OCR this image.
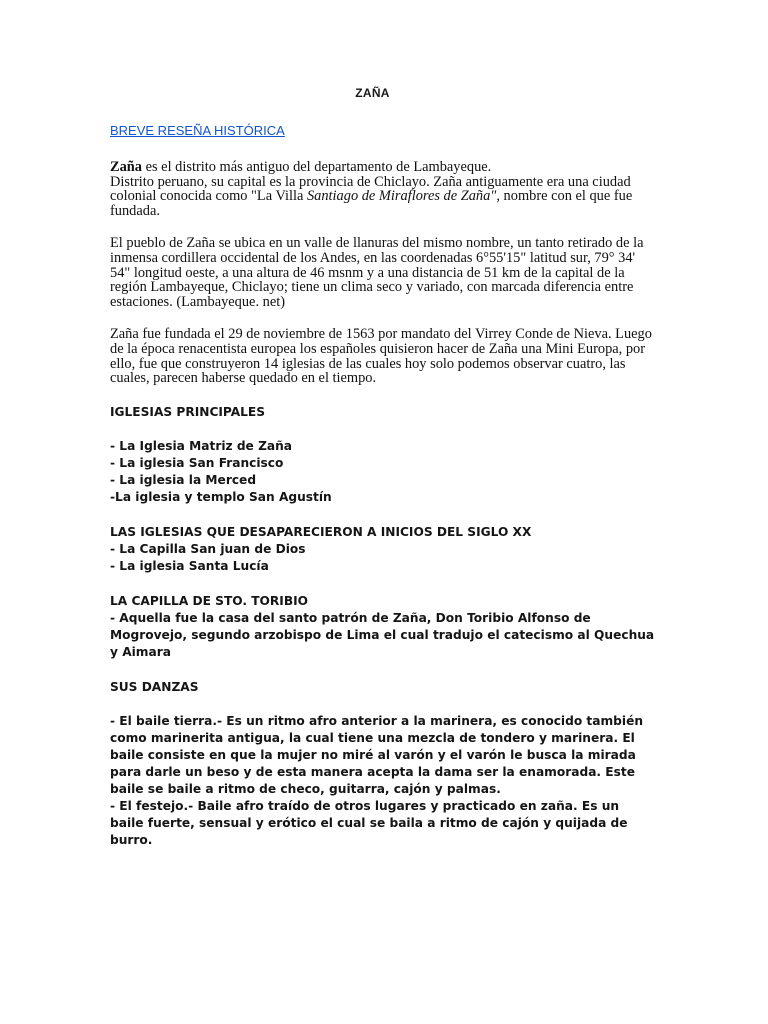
ZAÑA
BREVE RESEÑA HISTÓRICA

Zaña es el distrito más antiguo del departamento de Lambayeque.
Distrito peruano, su capital es la provincia de Chiclayo. Zaña antiguamente era una ciudad colonial conocida como "La Villa Santiago de Miraflores de Zaña", nombre con el que fue fundada.

El pueblo de Zaña se ubica en un valle de llanuras del mismo nombre, un tanto retirado de la inmensa cordillera occidental de los Andes, en las coordenadas 6°55'15" latitud sur, 79° 34' 54" longitud oeste, a una altura de 46 msnm y a una distancia de 51 km de la capital de la región Lambayeque, Chiclayo; tiene un clima seco y variado, con marcada diferencia entre estaciones. (Lambayeque. net)

Zaña fue fundada el 29 de noviembre de 1563 por mandato del Virrey Conde de Nieva. Luego de la época renacentista europea los españoles quisieron hacer de Zaña una Mini Europa, por ello, fue que construyeron 14 iglesias de las cuales hoy solo podemos observar cuatro, las cuales, parecen haberse quedado en el tiempo.

IGLESIAS PRINCIPALES
- La Iglesia Matriz de Zaña
- La iglesia San Francisco
- La iglesia la Merced
-La iglesia y templo San Agustín
LAS IGLESIAS QUE DESAPARECIERON A INICIOS DEL SIGLO XX
- La Capilla San juan de Dios
- La iglesia Santa Lucía
LA CAPILLA DE STO. TORIBIO
- Aquella fue la casa del santo patrón de Zaña, Don Toribio Alfonso de Mogrovejo, segundo arzobispo de Lima el cual tradujo el catecismo al Quechua y Aimara
SUS DANZAS
- El baile tierra.- Es un ritmo afro anterior a la marinera, es conocido también como marinerita antigua, la cual tiene una mezcla de tondero y marinera. El baile consiste en que la mujer no miré al varón y el varón le busca la mirada para darle un beso y de esta manera acepta la dama ser la enamorada. Este baile se baile a ritmo de checo, guitarra, cajón y palmas.
- El festejo.- Baile afro traído de otros lugares y practicado en zaña. Es un baile fuerte, sensual y erótico el cual se baila a ritmo de cajón y quijada de burro.
